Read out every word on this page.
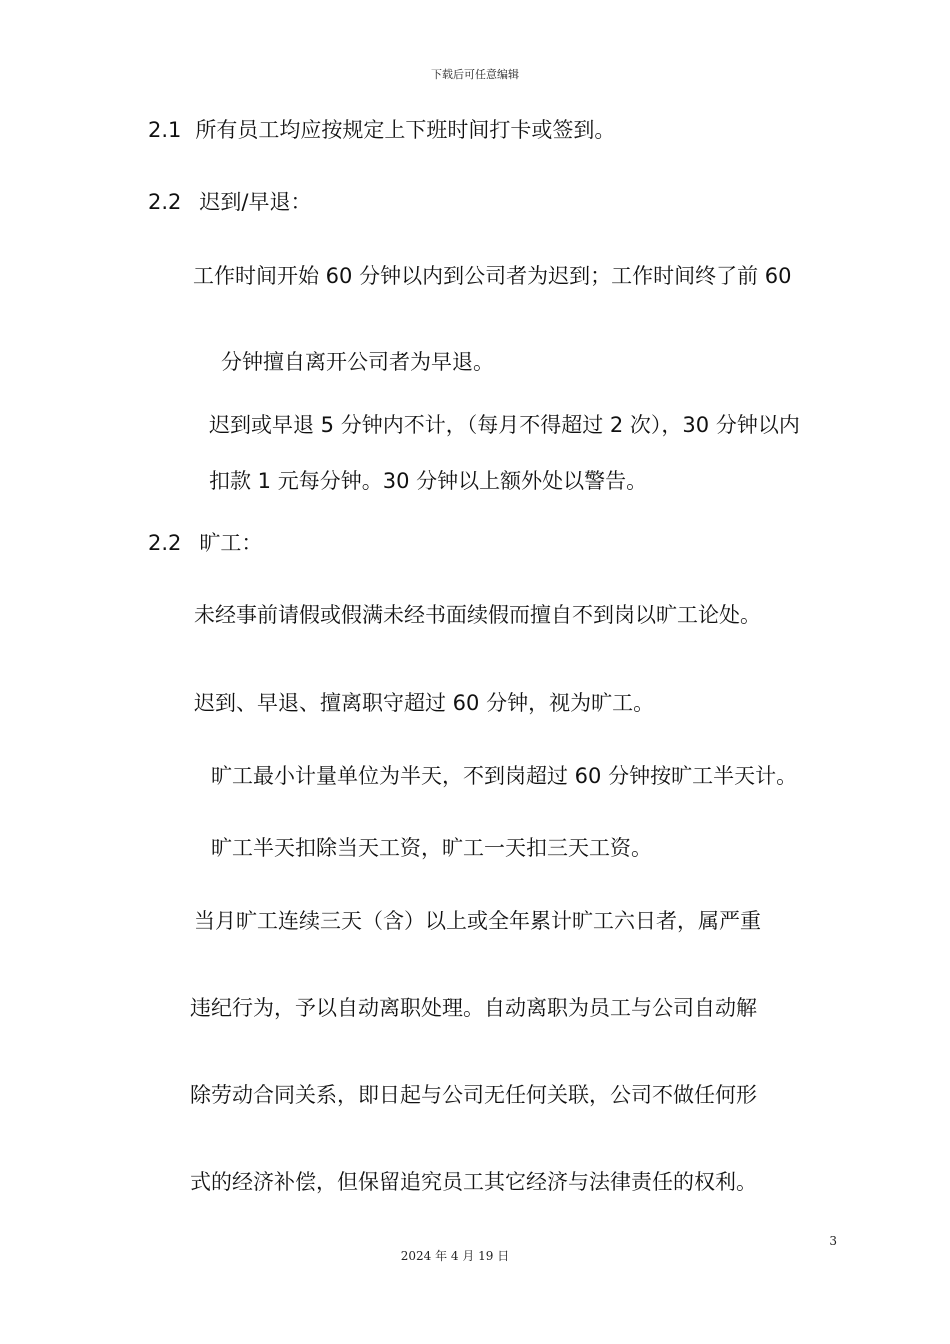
下载后可任意编辑
2.1 所有员工均应按规定上下班时间打卡或签到。
2.2 迟到/早退：
工作时间开始 60 分钟以内到公司者为迟到；工作时间终了前 60
分钟擅自离开公司者为早退。
迟到或早退 5 分钟内不计，（每月不得超过 2 次），30 分钟以内
扣款 1 元每分钟。30 分钟以上额外处以警告。
2.2 旷工：
未经事前请假或假满未经书面续假而擅自不到岗以旷工论处。
迟到、早退、擅离职守超过 60 分钟，视为旷工。
旷工最小计量单位为半天，不到岗超过 60 分钟按旷工半天计。
旷工半天扣除当天工资，旷工一天扣三天工资。
当月旷工连续三天（含）以上或全年累计旷工六日者，属严重
违纪行为，予以自动离职处理。自动离职为员工与公司自动解
除劳动合同关系，即日起与公司无任何关联，公司不做任何形
式的经济补偿，但保留追究员工其它经济与法律责任的权利。
3
2024 年 4 月 19 日
